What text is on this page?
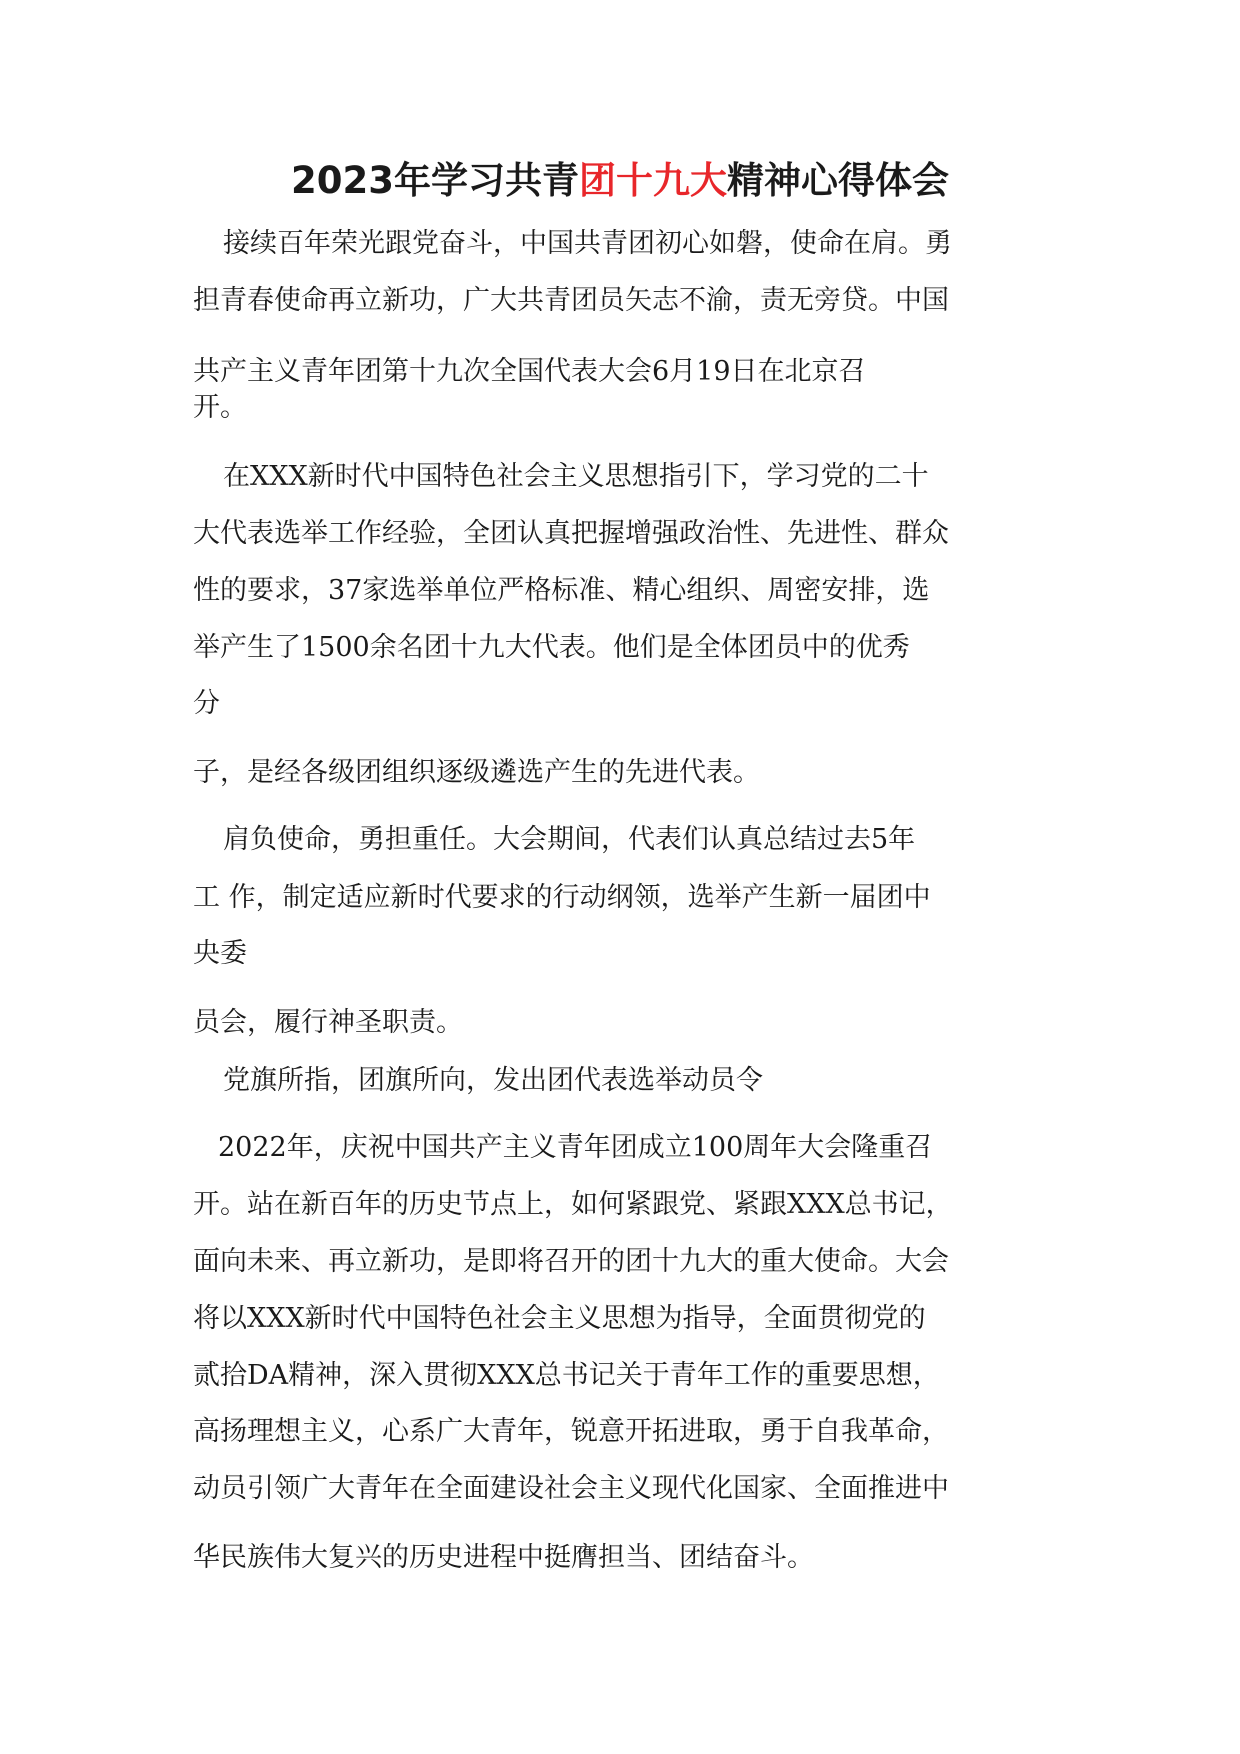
2023年学习共青团十九大精神心得体会

接续百年荣光跟党奋斗，中国共青团初心如磐，使命在肩。勇

担青春使命再立新功，广大共青团员矢志不渝，责无旁贷。中国

共产主义青年团第十九次全国代表大会6月19日在北京召

开。

在XXX新时代中国特色社会主义思想指引下，学习党的二十

大代表选举工作经验，全团认真把握增强政治性、先进性、群众

性的要求，37家选举单位严格标准、精心组织、周密安排，选

举产生了1500余名团十九大代表。他们是全体团员中的优秀

分

子，是经各级团组织逐级遴选产生的先进代表。

肩负使命，勇担重任。大会期间，代表们认真总结过去5年

工 作，制定适应新时代要求的行动纲领，选举产生新一届团中

央委

员会，履行神圣职责。

党旗所指，团旗所向，发出团代表选举动员令

2022年，庆祝中国共产主义青年团成立100周年大会隆重召

开。站在新百年的历史节点上，如何紧跟党、紧跟XXX总书记，

面向未来、再立新功，是即将召开的团十九大的重大使命。大会

将以XXX新时代中国特色社会主义思想为指导，全面贯彻党的

贰拾DA精神，深入贯彻XXX总书记关于青年工作的重要思想，

高扬理想主义，心系广大青年，锐意开拓进取，勇于自我革命，

动员引领广大青年在全面建设社会主义现代化国家、全面推进中

华民族伟大复兴的历史进程中挺膺担当、团结奋斗。
